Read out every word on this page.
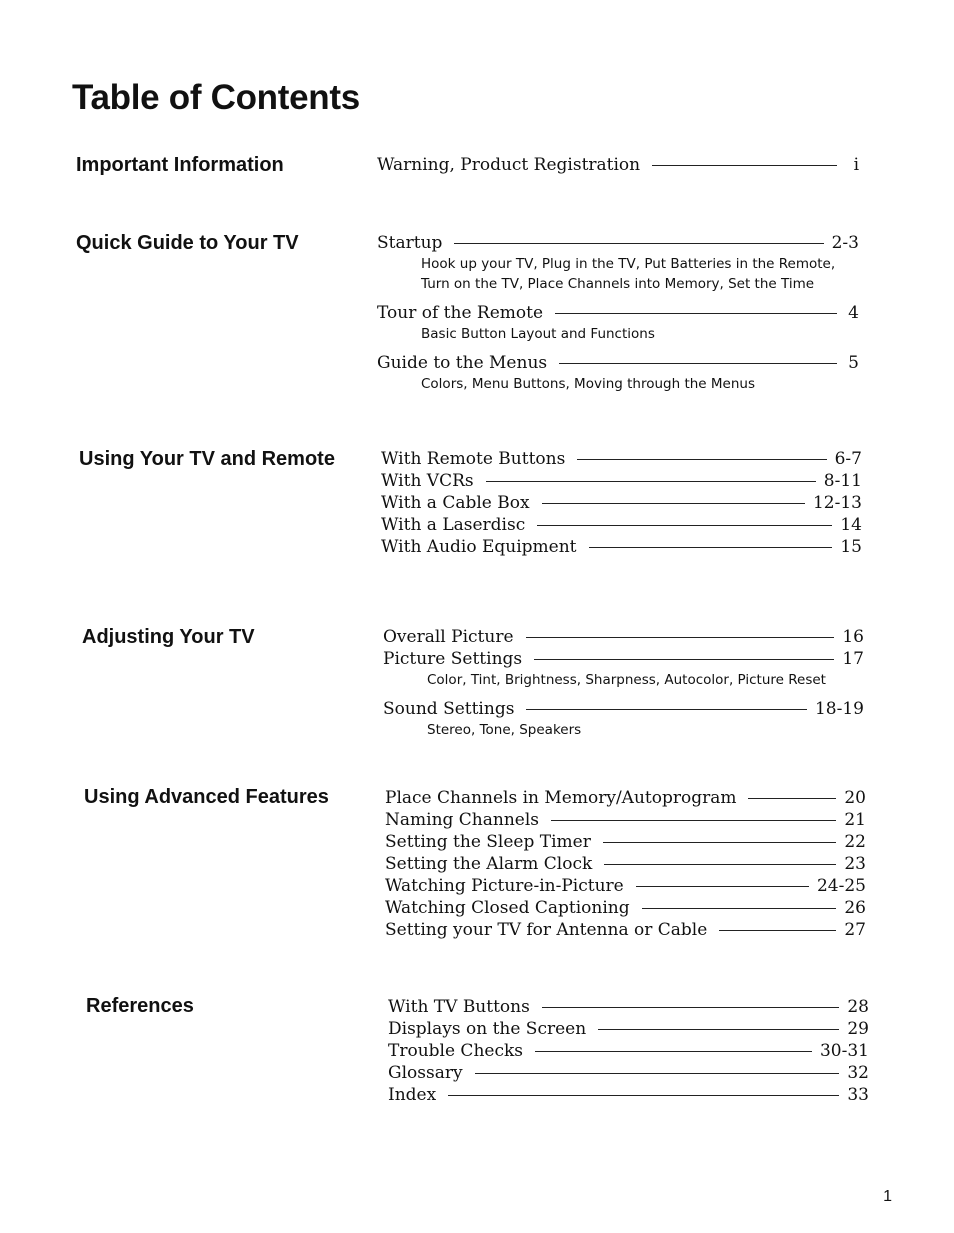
Table of Contents
Important Information	Warning, Product Registration	i
Quick Guide to Your TV	Startup	2-3
Hook up your TV, Plug in the TV, Put Batteries in the Remote,
Turn on the TV, Place Channels into Memory, Set the Time
Tour of the Remote	4
Basic Button Layout and Functions
Guide to the Menus	5
Colors, Menu Buttons, Moving through the Menus
Using Your TV and Remote	With Remote Buttons	6-7
With VCRs	8-11
With a Cable Box	12-13
With a Laserdisc	14
With Audio Equipment	15
Adjusting Your TV	Overall Picture	16
Picture Settings	17
Color, Tint, Brightness, Sharpness, Autocolor, Picture Reset
Sound Settings	18-19
Stereo, Tone, Speakers
Using Advanced Features	Place Channels in Memory/Autoprogram	20
Naming Channels	21
Setting the Sleep Timer	22
Setting the Alarm Clock	23
Watching Picture-in-Picture	24-25
Watching Closed Captioning	26
Setting your TV for Antenna or Cable	27
References	With TV Buttons	28
Displays on the Screen	29
Trouble Checks	30-31
Glossary	32
Index	33
1
